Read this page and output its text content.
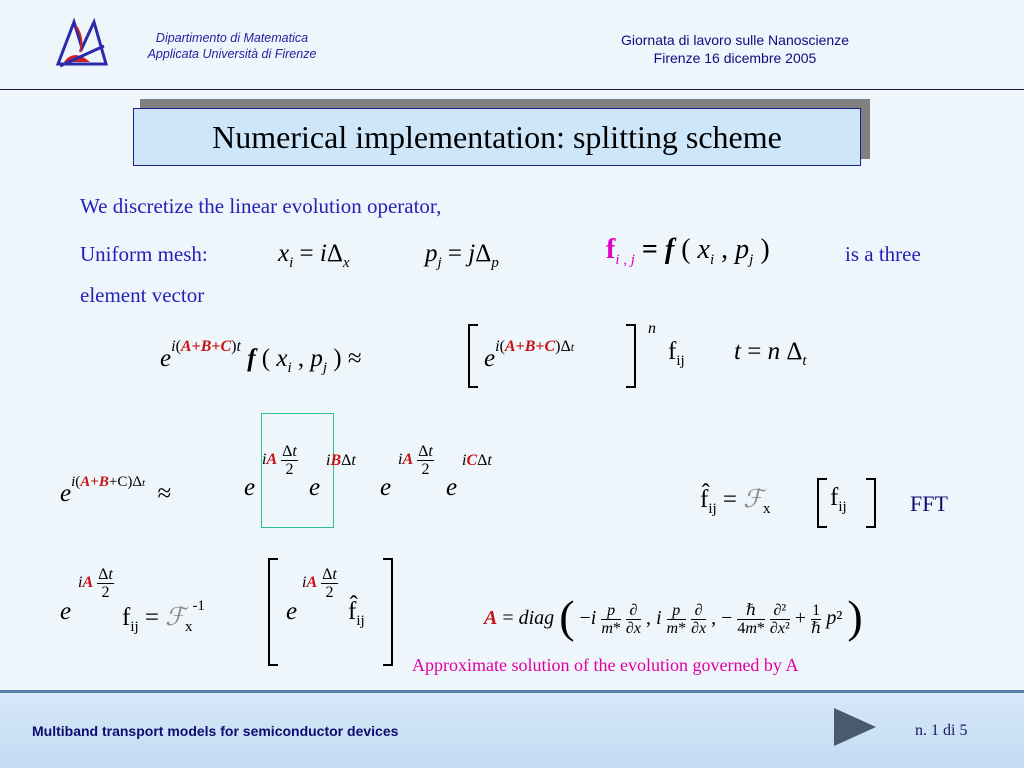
Dipartimento di Matematica
Applicata Università di Firenze
Giornata di lavoro sulle Nanoscienze
Firenze 16 dicembre 2005
Numerical implementation: splitting scheme
We discretize the linear evolution operator,
Uniform mesh:	$x_i = i\Delta_x$	$p_j = j\Delta_p$	$f_{i , j} = f$ ( $x_i$ , $p_j$ )	is a three
element vector
$e^{i(A+B+C)t}$ f ( $x_i$ , $p_j$ ) ≈	$e^{i(A+B+C)\Delta t}$
n
$f_{ij}$ t = n $\Delta_t$
$e^{i(A+B+C)\Delta t}$  ≈	e
iA $\frac{\Delta t}{2}$
e
iBΔt
e
iA $\frac{\Delta t}{2}$
e
iCΔt
$f̂_{ij}$ = ℱ$_x$ $f_{ij}$	FFT
e
iA $\frac{\Delta t}{2}$
$f_{ij}$ = ℱ$_x^{-1}$	e
iA $\frac{\Delta t}{2}$
$f̂_{ij}$	A = diag ( $-i \frac{p}{m*}$
$\frac{\partial}{\partial x}$ , i $\frac{p}{m*}$
$\frac{\partial}{\partial x}$ , − $\frac{\text{ℏ}}{4m*}$
$\frac{\text{∂²}}{\text{∂x²}} + \frac{1}{\text{ℏ}} p^2$ )
Approximate solution of the evolution governed by A
Multiband transport models for semiconductor devices	n. 1 di 5
